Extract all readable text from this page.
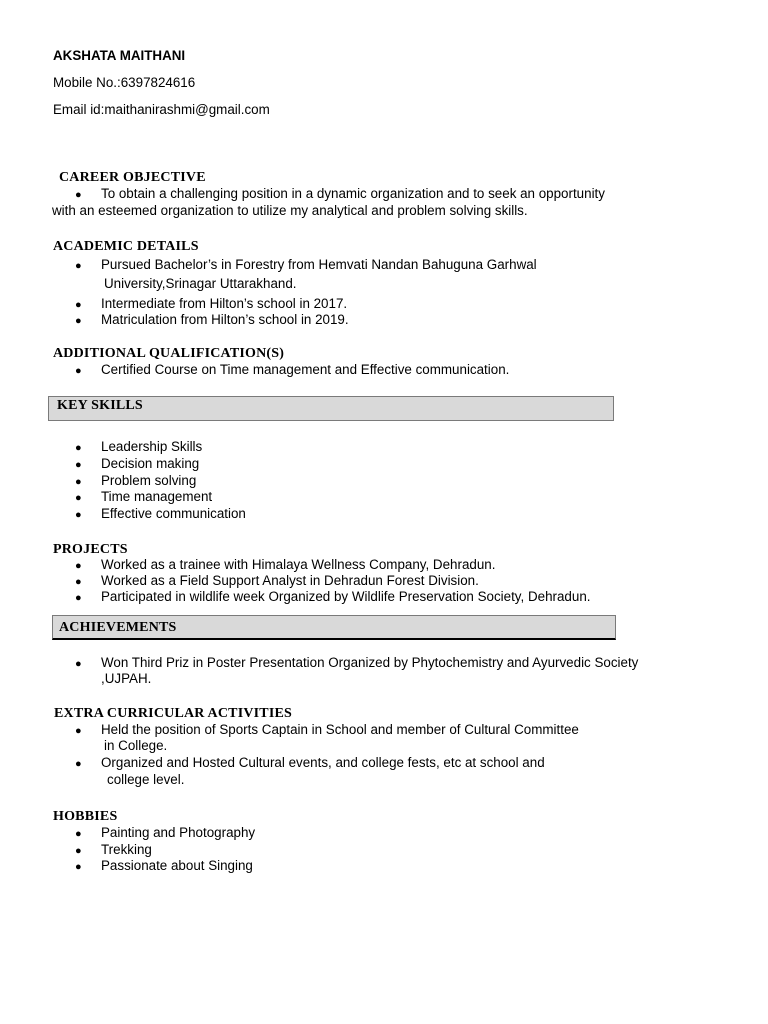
AKSHATA MAITHANI
Mobile No.:6397824616
Email id:maithanirashmi@gmail.com
CAREER OBJECTIVE
● To obtain a challenging position in a dynamic organization and to seek an opportunity
with an esteemed organization to utilize my analytical and problem solving skills.
ACADEMIC DETAILS
● Pursued Bachelor’s in Forestry from Hemvati Nandan Bahuguna Garhwal
University,Srinagar Uttarakhand.
● Intermediate from Hilton’s school in 2017.
● Matriculation from Hilton’s school in 2019.
ADDITIONAL QUALIFICATION(S)
● Certified Course on Time management and Effective communication.
KEY SKILLS
● Leadership Skills
● Decision making
● Problem solving
● Time management
● Effective communication
PROJECTS
● Worked as a trainee with Himalaya Wellness Company, Dehradun.
● Worked as a Field Support Analyst in Dehradun Forest Division.
● Participated in wildlife week Organized by Wildlife Preservation Society, Dehradun.
ACHIEVEMENTS
● Won Third Priz in Poster Presentation Organized by Phytochemistry and Ayurvedic Society
,UJPAH.
EXTRA CURRICULAR ACTIVITIES
● Held the position of Sports Captain in School and member of Cultural Committee
in College.
● Organized and Hosted Cultural events, and college fests, etc at school and
college level.
HOBBIES
● Painting and Photography
● Trekking
● Passionate about Singing
